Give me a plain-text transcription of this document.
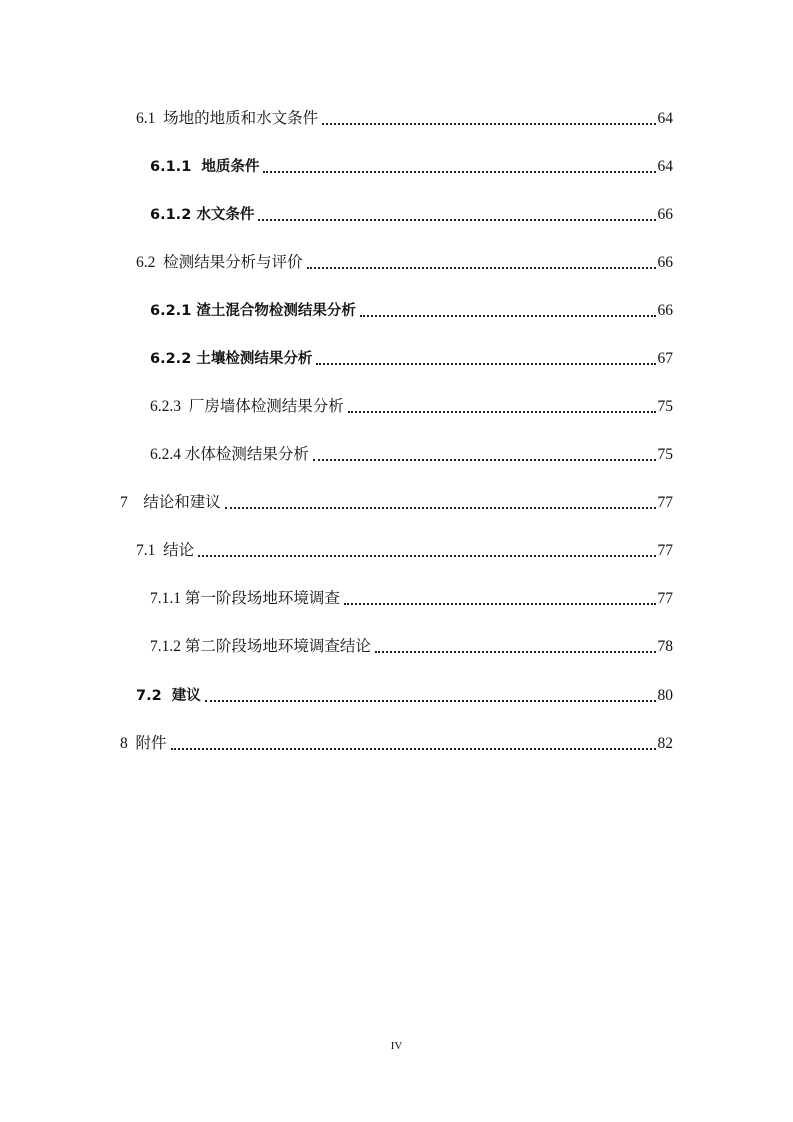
6.1 场地的地质和水文条件	64
6.1.1 地质条件	64
6.1.2 水文条件	66
6.2 检测结果分析与评价	66
6.2.1 渣土混合物检测结果分析	66
6.2.2 土壤检测结果分析	67
6.2.3 厂房墙体检测结果分析	75
6.2.4 水体检测结果分析	75
7 结论和建议	77
7.1 结论	77
7.1.1 第一阶段场地环境调查	77
7.1.2 第二阶段场地环境调查结论	78
7.2 建议	80
8 附件	82
IV
